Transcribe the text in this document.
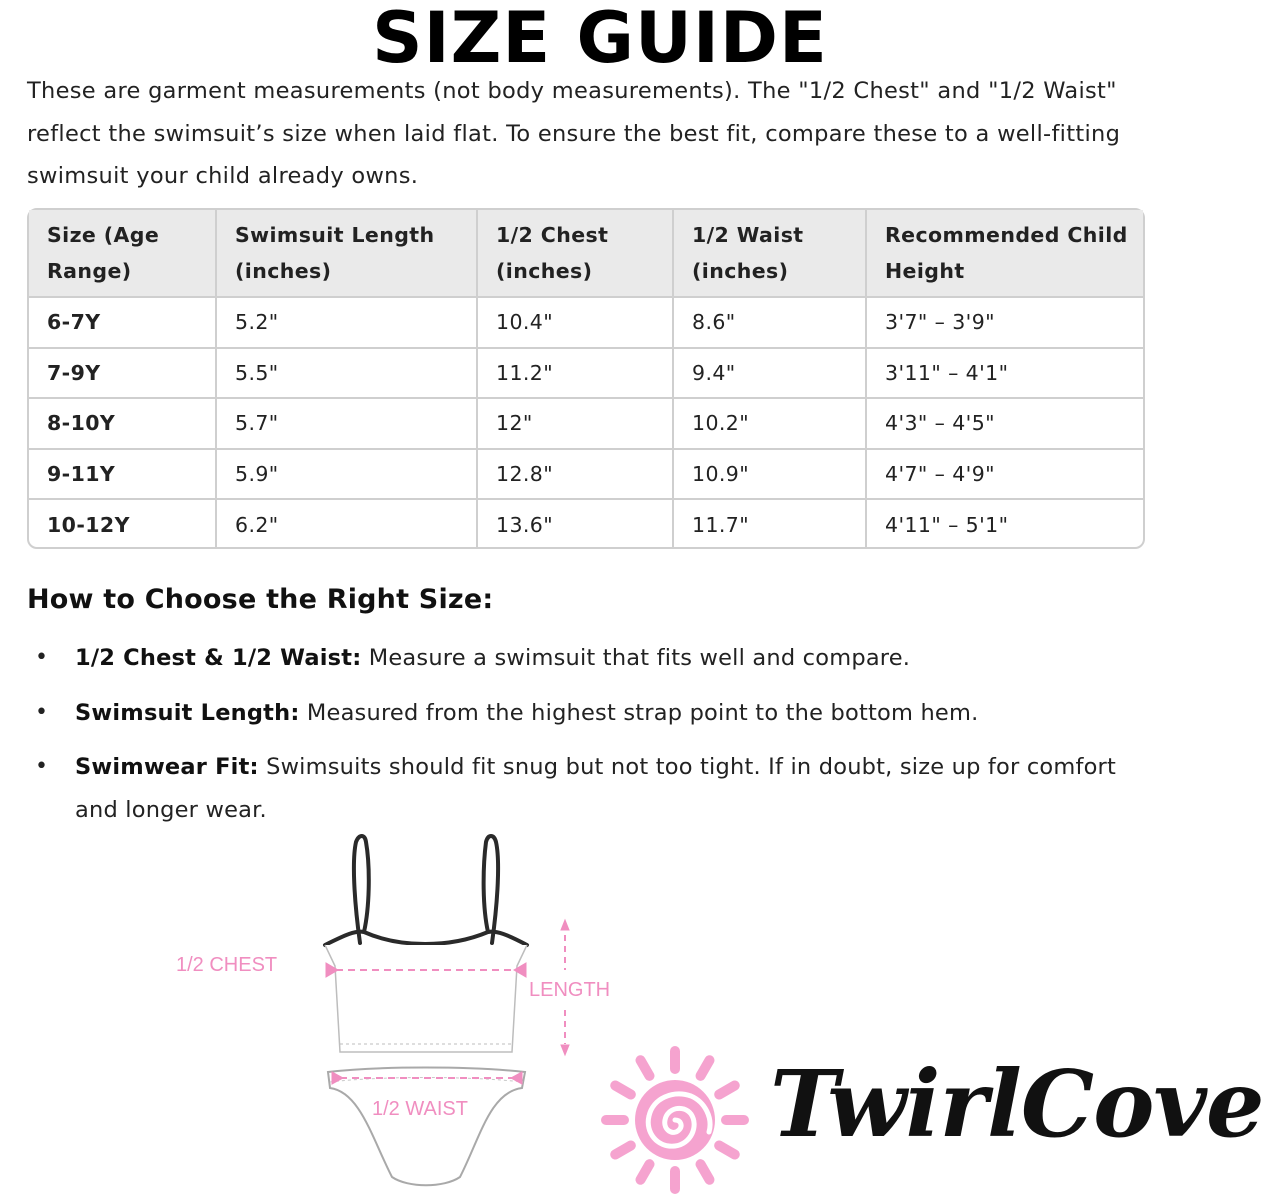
SIZE GUIDE
These are garment measurements (not body measurements). The "1/2 Chest" and "1/2 Waist" reflect the swimsuit’s size when laid flat. To ensure the best fit, compare these to a well-fitting swimsuit your child already owns.
Size (Age Range)	Swimsuit Length (inches)	1/2 Chest (inches)	1/2 Waist (inches)	Recommended Child Height
6-7Y	5.2"	10.4"	8.6"	3'7" – 3'9"
7-9Y	5.5"	11.2"	9.4"	3'11" – 4'1"
8-10Y	5.7"	12"	10.2"	4'3" – 4'5"
9-11Y	5.9"	12.8"	10.9"	4'7" – 4'9"
10-12Y	6.2"	13.6"	11.7"	4'11" – 5'1"
How to Choose the Right Size:
• 1/2 Chest & 1/2 Waist: Measure a swimsuit that fits well and compare.
• Swimsuit Length: Measured from the highest strap point to the bottom hem.
• Swimwear Fit: Swimsuits should fit snug but not too tight. If in doubt, size up for comfort and longer wear.
1/2 CHEST
LENGTH
1/2 WAIST	TwirlCove
